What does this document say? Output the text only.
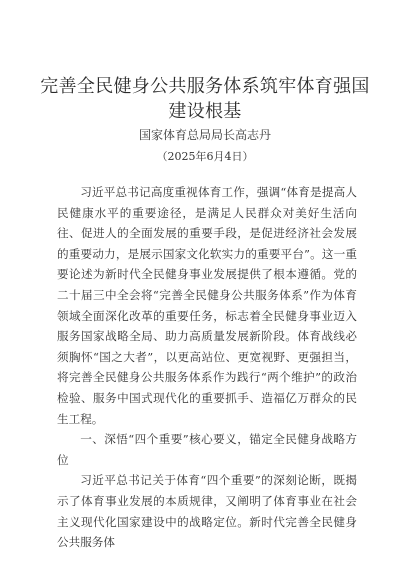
完善全民健身公共服务体系筑牢体育强国建设根基
国家体育总局局长高志丹
（2025年6月4日）

习近平总书记高度重视体育工作，强调“体育是提高人民健康水平的重要途径，是满足人民群众对美好生活向往、促进人的全面发展的重要手段，是促进经济社会发展的重要动力，是展示国家文化软实力的重要平台”。这一重要论述为新时代全民健身事业发展提供了根本遵循。党的二十届三中全会将“完善全民健身公共服务体系”作为体育领域全面深化改革的重要任务，标志着全民健身事业迈入服务国家战略全局、助力高质量发展新阶段。体育战线必须胸怀“国之大者”，以更高站位、更宽视野、更强担当，将完善全民健身公共服务体系作为践行“两个维护”的政治检验、服务中国式现代化的重要抓手、造福亿万群众的民生工程。

一、深悟“四个重要”核心要义，锚定全民健身战略方位

习近平总书记关于体育“四个重要”的深刻论断，既揭示了体育事业发展的本质规律，又阐明了体育事业在社会主义现代化国家建设中的战略定位。新时代完善全民健身公共服务体
